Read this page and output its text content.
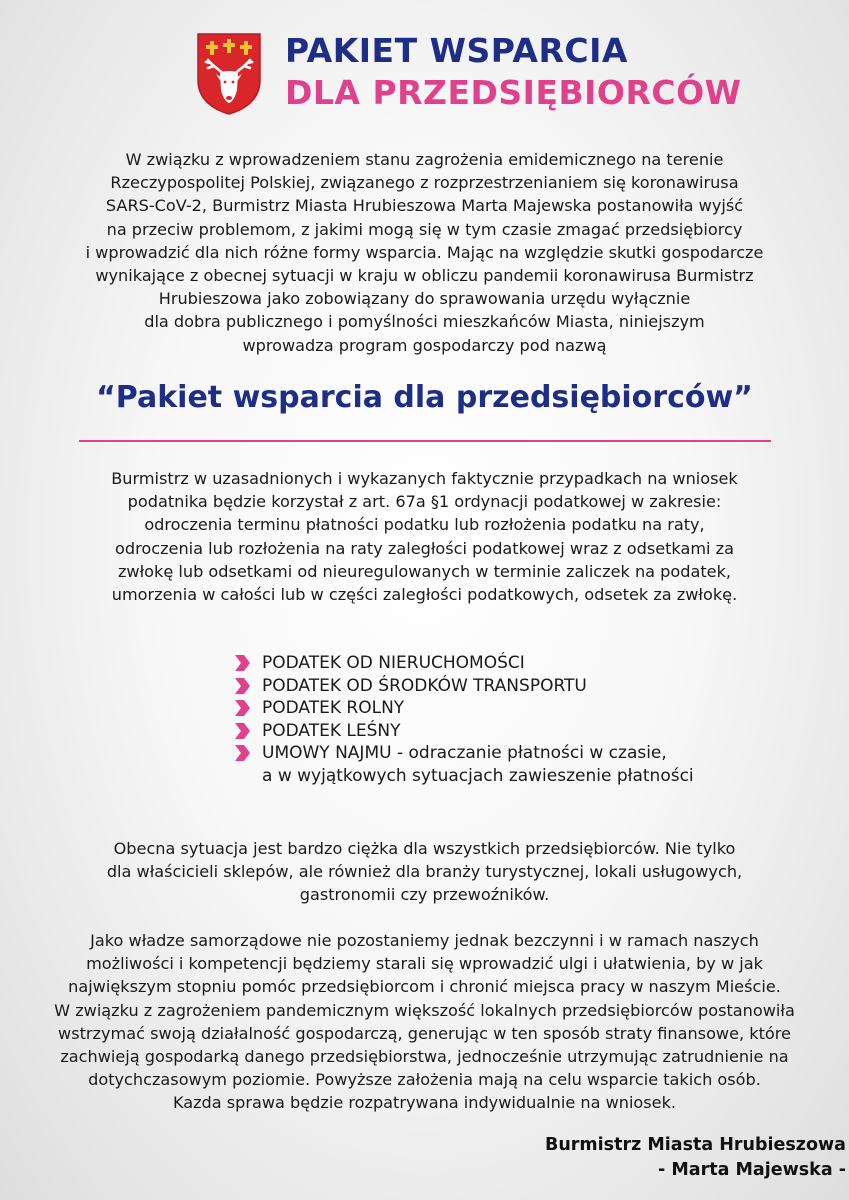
PAKIET WSPARCIA
DLA PRZEDSIĘBIORCÓW
W związku z wprowadzeniem stanu zagrożenia emidemicznego na terenie
Rzeczypospolitej Polskiej, związanego z rozprzestrzenianiem się koronawirusa
SARS-CoV-2, Burmistrz Miasta Hrubieszowa Marta Majewska postanowiła wyjść
na przeciw problemom, z jakimi mogą się w tym czasie zmagać przedsiębiorcy
i wprowadzić dla nich różne formy wsparcia. Mając na względzie skutki gospodarcze
wynikające z obecnej sytuacji w kraju w obliczu pandemii koronawirusa Burmistrz
Hrubieszowa jako zobowiązany do sprawowania urzędu wyłącznie
dla dobra publicznego i pomyślności mieszkańców Miasta, niniejszym
wprowadza program gospodarczy pod nazwą
“Pakiet wsparcia dla przedsiębiorców”
Burmistrz w uzasadnionych i wykazanych faktycznie przypadkach na wniosek
podatnika będzie korzystał z art. 67a §1 ordynacji podatkowej w zakresie:
odroczenia terminu płatności podatku lub rozłożenia podatku na raty,
odroczenia lub rozłożenia na raty zaległości podatkowej wraz z odsetkami za
zwłokę lub odsetkami od nieuregulowanych w terminie zaliczek na podatek,
umorzenia w całości lub w części zaległości podatkowych, odsetek za zwłokę.
PODATEK OD NIERUCHOMOŚCI
PODATEK OD ŚRODKÓW TRANSPORTU
PODATEK ROLNY
PODATEK LEŚNY
UMOWY NAJMU - odraczanie płatności w czasie,
a w wyjątkowych sytuacjach zawieszenie płatności
Obecna sytuacja jest bardzo ciężka dla wszystkich przedsiębiorców. Nie tylko
dla właścicieli sklepów, ale również dla branży turystycznej, lokali usługowych,
gastronomii czy przewoźników.
Jako władze samorządowe nie pozostaniemy jednak bezczynni i w ramach naszych
możliwości i kompetencji będziemy starali się wprowadzić ulgi i ułatwienia, by w jak
największym stopniu pomóc przedsiębiorcom i chronić miejsca pracy w naszym Mieście.
W związku z zagrożeniem pandemicznym większość lokalnych przedsiębiorców postanowiła
wstrzymać swoją działalność gospodarczą, generując w ten sposób straty finansowe, które
zachwieją gospodarką danego przedsiębiorstwa, jednocześnie utrzymując zatrudnienie na
dotychczasowym poziomie. Powyższe założenia mają na celu wsparcie takich osób.
Kazda sprawa będzie rozpatrywana indywidualnie na wniosek.
Burmistrz Miasta Hrubieszowa
- Marta Majewska -
